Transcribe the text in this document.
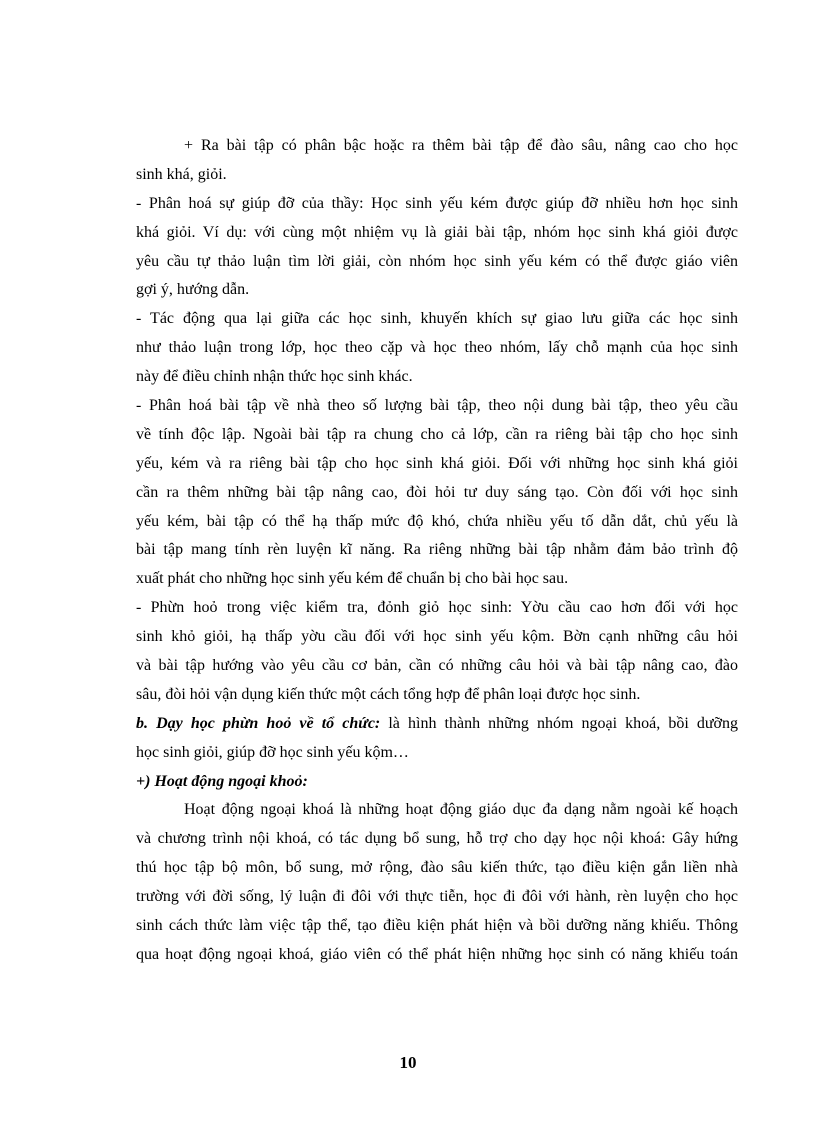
+ Ra bài tập có phân bậc hoặc ra thêm bài tập để đào sâu, nâng cao cho học
sinh khá, giỏi.
- Phân hoá sự giúp đỡ của thầy: Học sinh yếu kém được giúp đỡ nhiều hơn học sinh
khá giỏi. Ví dụ: với cùng một nhiệm vụ là giải bài tập, nhóm học sinh khá giỏi được
yêu cầu tự thảo luận tìm lời giải, còn nhóm học sinh yếu kém có thể được giáo viên
gợi ý, hướng dẫn.
- Tác động qua lại giữa các học sinh, khuyến khích sự giao lưu giữa các học sinh
như thảo luận trong lớp, học theo cặp và học theo nhóm, lấy chỗ mạnh của học sinh
này để điều chỉnh nhận thức học sinh khác.
- Phân hoá bài tập về nhà theo số lượng bài tập, theo nội dung bài tập, theo yêu cầu
về tính độc lập. Ngoài bài tập ra chung cho cả lớp, cần ra riêng bài tập cho học sinh
yếu, kém và ra riêng bài tập cho học sinh khá giỏi. Đối với những học sinh khá giỏi
cần ra thêm những bài tập nâng cao, đòi hỏi tư duy sáng tạo. Còn đối với học sinh
yếu kém, bài tập có thể hạ thấp mức độ khó, chứa nhiều yếu tố dẫn dắt, chủ yếu là
bài tập mang tính rèn luyện kĩ năng. Ra riêng những bài tập nhằm đảm bảo trình độ
xuất phát cho những học sinh yếu kém để chuẩn bị cho bài học sau.
- Phừn hoỏ trong việc kiểm tra, đỏnh giỏ học sinh: Yờu cầu cao hơn đối với học
sinh khỏ giỏi, hạ thấp yờu cầu đối với học sinh yếu kộm. Bờn cạnh những câu hỏi
và bài tập hướng vào yêu cầu cơ bản, cần có những câu hỏi và bài tập nâng cao, đào
sâu, đòi hỏi vận dụng kiến thức một cách tổng hợp để phân loại được học sinh.
b. Dạy học phừn hoỏ về tổ chức: là hình thành những nhóm ngoại khoá, bồi dưỡng
học sinh giỏi, giúp đỡ học sinh yếu kộm…
+) Hoạt động ngoại khoỏ:
Hoạt động ngoại khoá là những hoạt động giáo dục đa dạng nằm ngoài kế hoạch
và chương trình nội khoá, có tác dụng bổ sung, hỗ trợ cho dạy học nội khoá: Gây hứng
thú học tập bộ môn, bổ sung, mở rộng, đào sâu kiến thức, tạo điều kiện gắn liền nhà
trường với đời sống, lý luận đi đôi với thực tiễn, học đi đôi với hành, rèn luyện cho học
sinh cách thức làm việc tập thể, tạo điều kiện phát hiện và bồi dưỡng năng khiếu. Thông
qua hoạt động ngoại khoá, giáo viên có thể phát hiện những học sinh có năng khiếu toán
10
